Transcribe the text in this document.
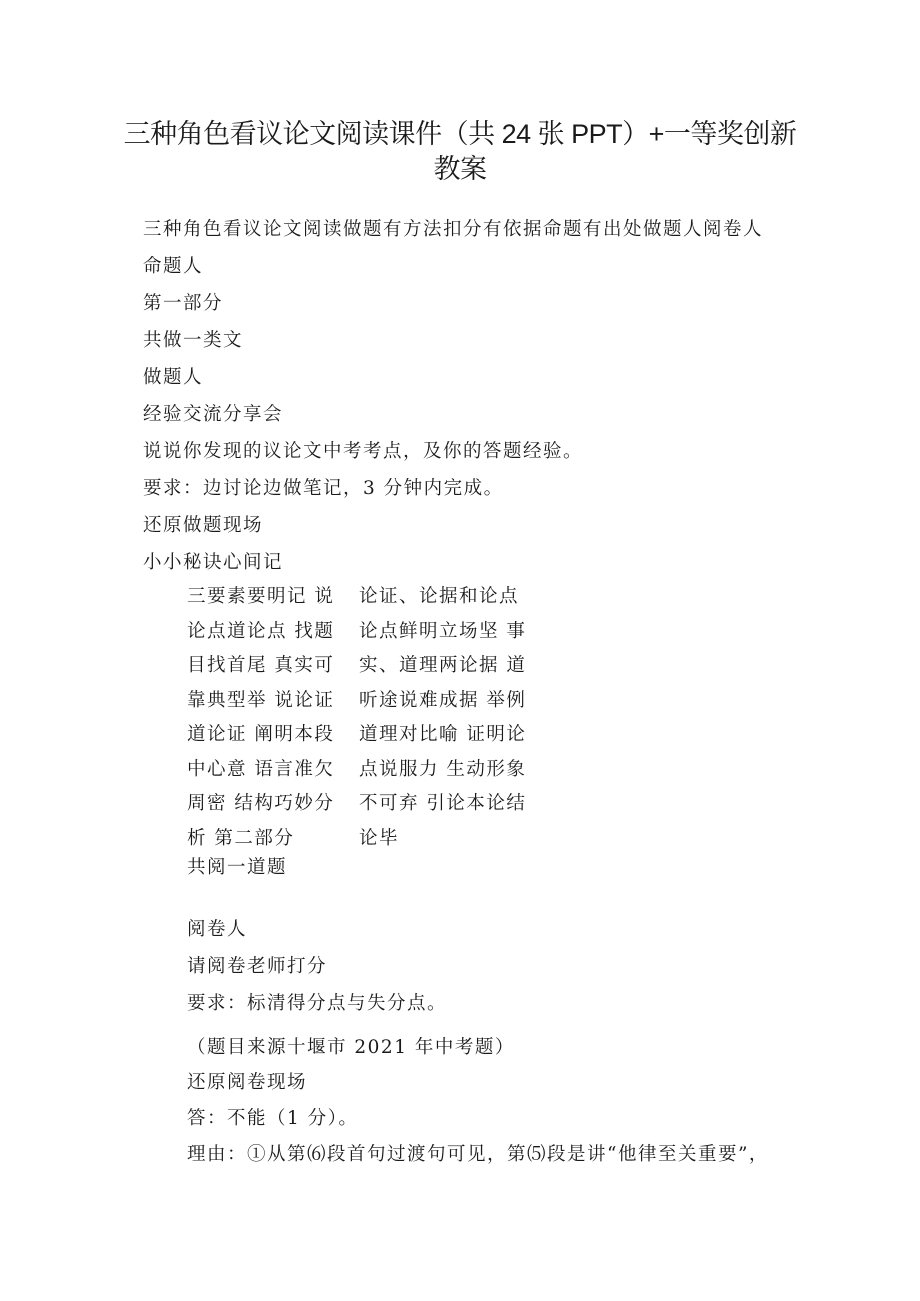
三种角色看议论文阅读课件（共 24 张 PPT）+一等奖创新
教案
三种角色看议论文阅读做题有方法扣分有依据命题有出处做题人阅卷人
命题人
第一部分
共做一类文
做题人
经验交流分享会
说说你发现的议论文中考考点，及你的答题经验。
要求：边讨论边做笔记，3 分钟内完成。
还原做题现场
小小秘诀心间记
三要素要明记 说
论点道论点 找题
目找首尾 真实可
靠典型举 说论证
道论证 阐明本段
中心意 语言准欠
周密 结构巧妙分
析 第二部分
论证、论据和论点
论点鲜明立场坚 事
实、道理两论据 道
听途说难成据 举例
道理对比喻 证明论
点说服力 生动形象
不可弃 引论本论结
论毕
共阅一道题
阅卷人
请阅卷老师打分
要求：标清得分点与失分点。
（题目来源十堰市 2021 年中考题）
还原阅卷现场
答：不能（1 分）。
理由：①从第⑹段首句过渡句可见，第⑸段是讲“他律至关重要”，
